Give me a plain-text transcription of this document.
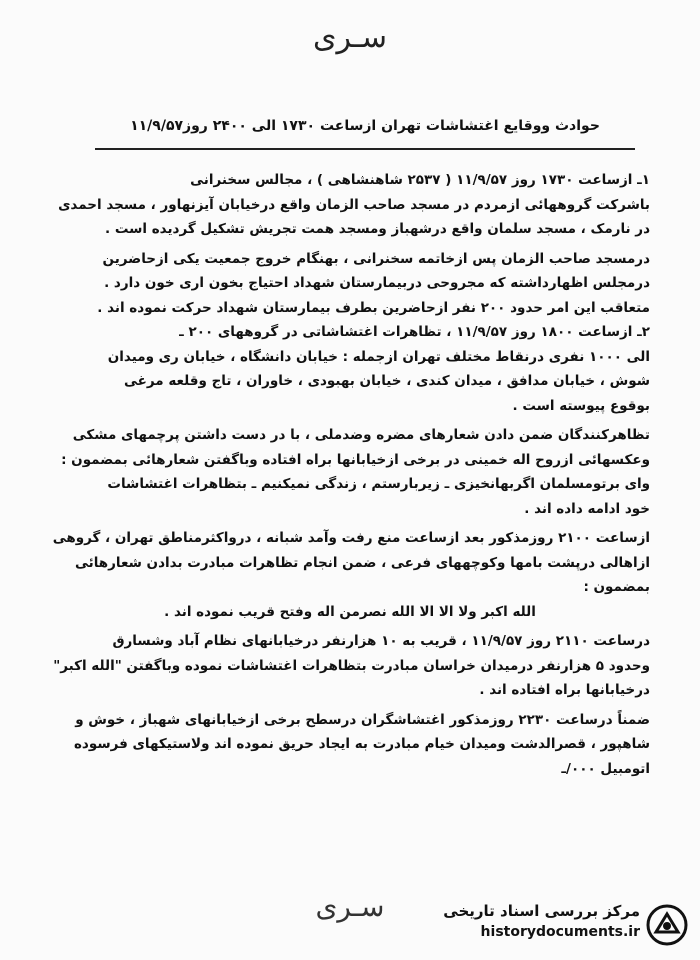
سـری
حوادث ووقایع اغتشاشات تهران ازساعت ۱۷۳۰ الی ۲۴۰۰ روز۱۱/۹/۵۷
۱ـ ازساعت ۱۷۳۰ روز ۱۱/۹/۵۷ ( ۲۵۳۷ شاهنشاهی ) ، مجالس سخنرانی
باشرکت گروههائی ازمردم در مسجد صاحب الزمان واقع درخیابان آیزنهاور ، مسجد احمدی
در نارمک ، مسجد سلمان واقع درشهباز ومسجد همت تجریش تشکیل گردیده است .
درمسجد صاحب الزمان پس ازخاتمه سخنرانی ، بهنگام خروج جمعیت یکی ازحاضرین
درمجلس اظهارداشته که مجروحی دربیمارستان شهداد احتیاج بخون اری خون دارد .
متعاقب این امر حدود ۲۰۰ نفر ازحاضرین بطرف بیمارستان شهداد حرکت نموده اند .
۲ـ ازساعت ۱۸۰۰ روز ۱۱/۹/۵۷ ، تظاهرات اغتشاشاتی در گروههای ۲۰۰ ـ
الی ۱۰۰۰ نفری درنقاط مختلف تهران ازجمله : خیابان دانشگاه ، خیابان ری ومیدان
شوش ، خیابان مدافق ، میدان کندی ، خیابان بهبودی ، خاوران ، تاج وقلعه مرغی
بوقوع پیوسته است .
تظاهرکنندگان ضمن دادن شعارهای مضره وضدملی ، با در دست داشتن پرچمهای مشکی
وعکسهائی ازروح اله خمینی در برخی ازخیابانها براه افتاده وباگفتن شعارهائی بمضمون :
وای برتومسلمان اگربهانخیزی ـ زیربارستم ، زندگی نمیکنیم ـ بتظاهرات اغتشاشات
خود ادامه داده اند .
ازساعت ۲۱۰۰ روزمذکور بعد ازساعت منع رفت وآمد شبانه ، درواکثرمناطق تهران ، گروهی
ازاهالی درپشت بامها وکوچههای فرعی ، ضمن انجام تظاهرات مبادرت بدادن شعارهائی
بمضمون :
الله اکبر ولا الا الا الله نصرمن اله وفتح قریب نموده اند .
درساعت ۲۱۱۰ روز ۱۱/۹/۵۷ ، قریب به ۱۰ هزارنفر درخیابانهای نظام آباد وشسارق
وحدود ۵ هزارنفر درمیدان خراسان مبادرت بتظاهرات اغتشاشات نموده وباگفتن "الله اکبر"
درخیابانها براه افتاده اند .
ضمناً درساعت ۲۲۳۰ روزمذکور اغتشاشگران درسطح برخی ازخیابانهای شهباز ، خوش و
شاهپور ، قصرالدشت ومیدان خیام مبادرت به ایجاد حریق نموده اند ولاستیکهای فرسوده
اتومبیل ۰۰۰/ـ
سـری	مرکز بررسی اسناد تاریخی
historydocuments.ir
